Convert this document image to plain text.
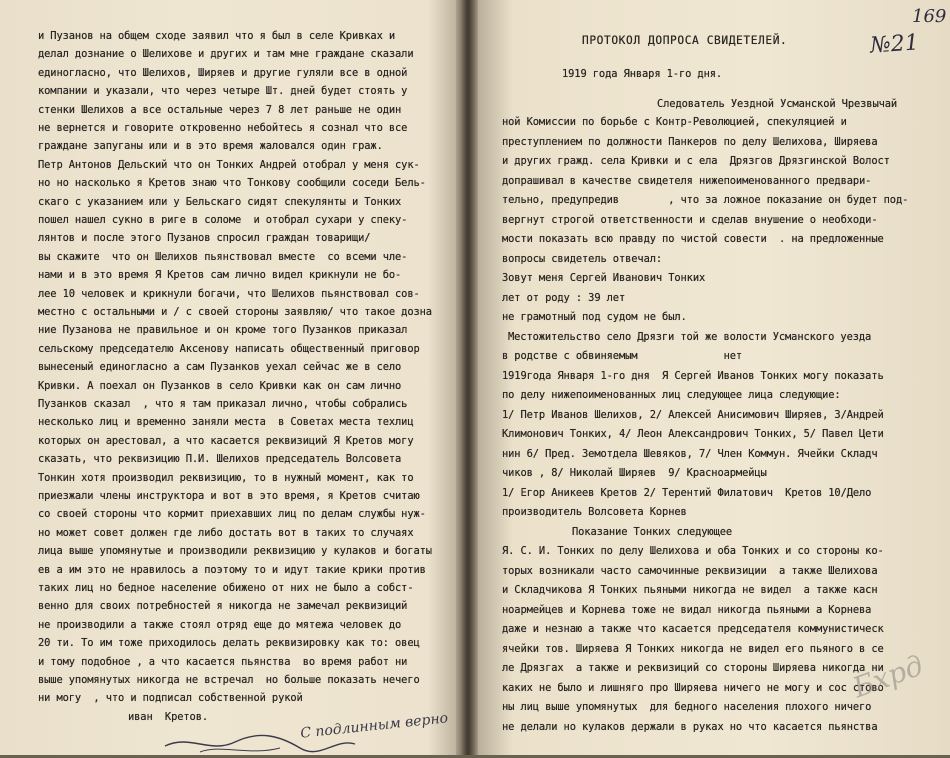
и Пузанов на общем сходе заявил что я был в селе Кривках и
делал дознание о Шелихове и других и там мне граждане сказали
единогласно, что Шелихов, Ширяев и другие гуляли все в одной
компании и указали, что через четыре Шт. дней будет стоять у
стенки Шелихов а все остальные через 7 8 лет раньше не один
не вернется и говорите откровенно небойтесь я сознал что все
граждане запуганы или и в это время жаловался один граж.
Петр Антонов Дельский что он Тонких Андрей отобрал у меня сук-
но но насколько я Кретов знаю что Тонкову сообщили соседи Бель-
скаго с указанием или у Бельскаго сидят спекулянты и Тонких
пошел нашел сукно в риге в соломе  и отобрал сухари у спеку-
лянтов и после этого Пузанов спросил граждан товарищи/
вы скажите  что он Шелихов пьянствовал вместе  со всеми чле-
нами и в это время Я Кретов сам лично видел крикнули не бо-
лее 10 человек и крикнули богачи, что Шелихов пьянствовал сов-
местно с остальными и / с своей стороны заявляю/ что такое дозна
ние Пузанова не правильное и он кроме того Пузанков приказал
сельскому председателю Аксенову написать общественный приговор
вынесеный единогласно а сам Пузанков уехал сейчас же в село
Кривки. А поехал он Пузанков в село Кривки как он сам лично
Пузанков сказал  , что я там приказал лично, чтобы собрались
несколько лиц и временно заняли места  в Советах места техлиц
которых он арестовал, а что касается реквизиций Я Кретов могу
сказать, что реквизицию П.И. Шелихов председатель Волсовета
Тонкин хотя производил реквизицию, то в нужный момент, как то
приезжали члены инструктора и вот в это время, я Кретов считаю
со своей стороны что кормит приехавших лиц по делам службы нуж-
но может совет должен где либо достать вот в таких то случаях
лица выше упомянутые и производили реквизицию у кулаков и богаты
ев а им это не нравилось а поэтому то и идут такие крики против
таких лиц но бедное население обижено от них не было а собст-
венно для своих потребностей я никогда не замечал реквизиций
не производили а также стоял отряд еще до мятежа человек до
20 ти. То им тоже приходилось делать реквизировку как то: овец
и тому подобное , а что касается пьянства  во время работ ни
выше упомянутых никогда не встречал  но больше показать нечего
ни могу  , что и подписал собственной рукой
иван  Кретов.	С подлинным верно
169
№21
ПРОТОКОЛ ДОПРОСА СВИДЕТЕЛЕЙ.
1919 года Января 1-го дня.
Следователь Уездной Усманской Чрезвычай
ной Комиссии по борьбе с Контр-Революцией, спекуляцией и
преступлением по должности Панкеров по делу Шелихова, Ширяева
и других гражд. села Кривки и с ела  Дрязгов Дрязгинской Волост
допрашивал в качестве свидетеля нижепоименованного предвари-
тельно, предупредив        , что за ложное показание он будет под-
вергнут строгой ответственности и сделав внушение о необходи-
мости показать всю правду по чистой совести  . на предложенные
вопросы свидетель отвечал:
Зовут меня Сергей Иванович Тонких
лет от роду : 39 лет
не грамотный под судом не был.
Местожительство село Дрязги той же волости Усманского уезда
в родстве с обвиняемым              нет
1919года Января 1-го дня  Я Сергей Иванов Тонких могу показать
по делу нижепоименованных лиц следующее лица следующие:
1/ Петр Иванов Шелихов, 2/ Алексей Анисимович Ширяев, 3/Андрей
Климонович Тонких, 4/ Леон Александрович Тонких, 5/ Павел Цети
нин 6/ Пред. Земотдела Шевяков, 7/ Член Коммун. Ячейки Складч
чиков , 8/ Николай Ширяев  9/ Красноармейцы
1/ Егор Аникеев Кретов 2/ Терентий Филатович  Кретов 10/Дело
производитель Волсовета Корнев
Показание Тонких следующее
Я. С. И. Тонких по делу Шелихова и оба Тонких и со стороны ко-
торых возникали часто самочинные реквизиции  а также Шелихова
и Складчикова Я Тонких пьяными никогда не видел  а также касн
ноармейцев и Корнева тоже не видал никогда пьяными а Корнева
даже и незнаю а также что касается председателя коммунистическ
ячейки тов. Ширяева Я Тонких никогда не видел его пьяного в се
ле Дрязгах  а также и реквизиций со стороны Ширяева никогда ни
каких не было и лишняго про Ширяева ничего не могу и сос стово
ны лиц выше упомянутых  для бедного населения плохого ничего
не делали но кулаков держали в руках но что касается пьянства
Бхрд
